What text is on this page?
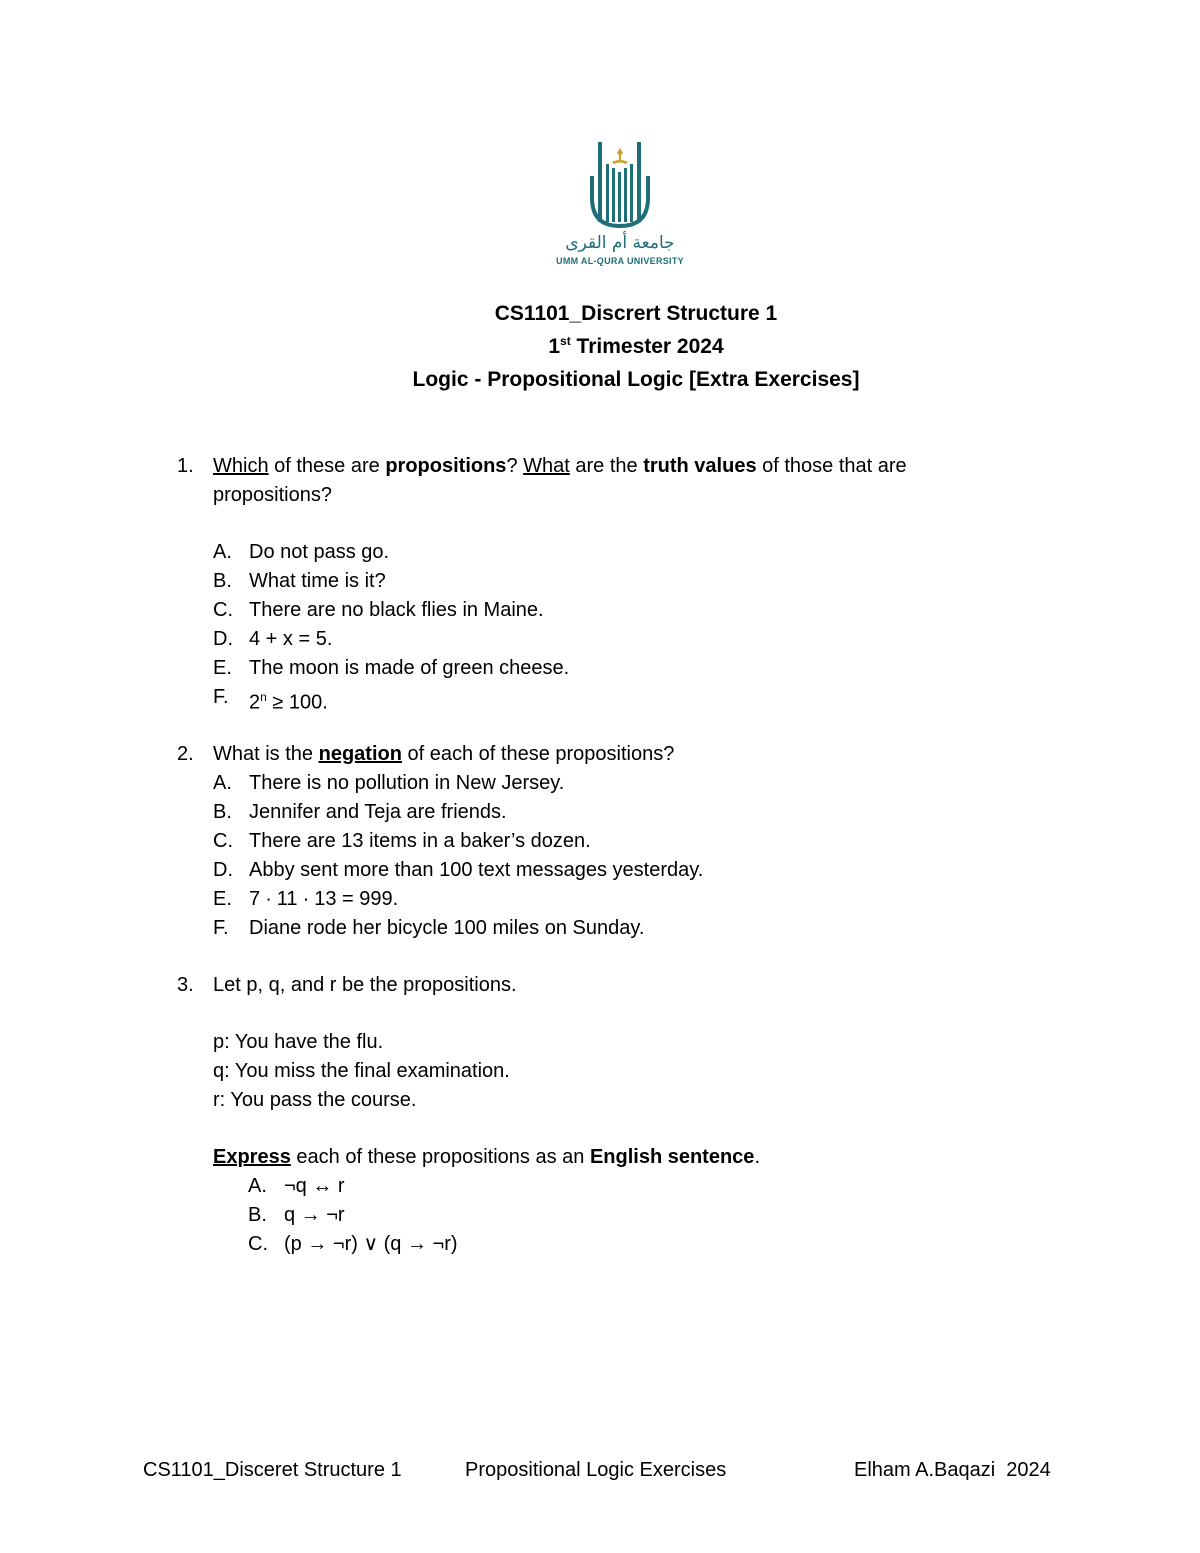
جامعة أم القرى
UMM AL-QURA UNIVERSITY
CS1101_Discrert Structure 1
1st Trimester 2024
Logic - Propositional Logic [Extra Exercises]
1. Which of these are propositions? What are the truth values of those that are
propositions?
A. Do not pass go.
B. What time is it?
C. There are no black flies in Maine.
D. 4 + x = 5.
E. The moon is made of green cheese.
F. $2^n \ge 100$.
2. What is the negation of each of these propositions?
A. There is no pollution in New Jersey.
B. Jennifer and Teja are friends.
C. There are 13 items in a baker’s dozen.
D. Abby sent more than 100 text messages yesterday.
E. 7 ∙ 11 ∙ 13 = 999.
F. Diane rode her bicycle 100 miles on Sunday.
3. Let p, q, and r be the propositions.
p: You have the flu.
q: You miss the final examination.
r: You pass the course.
Express each of these propositions as an English sentence.
A. ¬q ↔ r
B. q → ¬r
C. (p → ¬r) ∨ (q → ¬r)
CS1101_Disceret Structure 1	Propositional Logic Exercises	Elham A.Baqazi  2024
